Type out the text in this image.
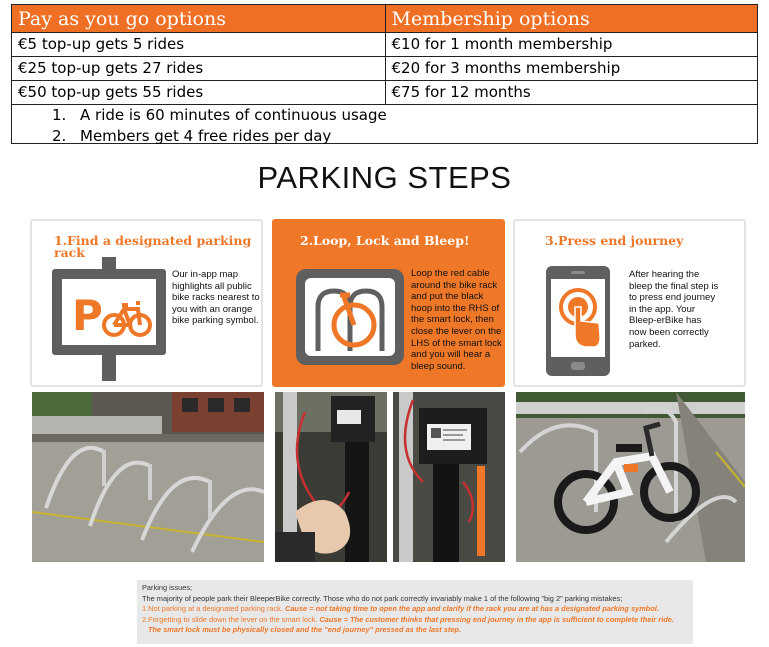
Pay as you go options	Membership options
€5 top-up gets 5 rides	€10 for 1 month membership
€25 top-up gets 27 rides	€20 for 3 months membership
€50 top-up gets 55 rides	€75 for 12 months
1. A ride is 60 minutes of continuous usage
2. Members get 4 free rides per day
PARKING STEPS
1.Find a designated parking rack
P
Our in-app map highlights all public bike racks nearest to you with an orange bike parking symbol.
2.Loop, Lock and Bleep!
Loop the red cable around the bike rack and put the black hoop into the RHS of the smart lock, then close the lever on the LHS of the smart lock and you will hear a bleep sound.
3.Press end journey
After hearing the bleep the final step is to press end journey in the app. Your Bleep-erBike has now been correctly parked.
Parking issues;
The majority of people park their BleeperBike correctly. Those who do not park correctly invariably make 1 of the following "big 2" parking mistakes;
1.Not parking at a designated parking rack. Cause = not taking time to open the app and clarify if the rack you are at has a designated parking symbol.
2.Forgetting to slide down the lever on the smart lock. Cause = The customer thinks that pressing end journey in the app is sufficient to complete their ride.
The smart lock must be physically closed and the "end journey" pressed as the last step.
